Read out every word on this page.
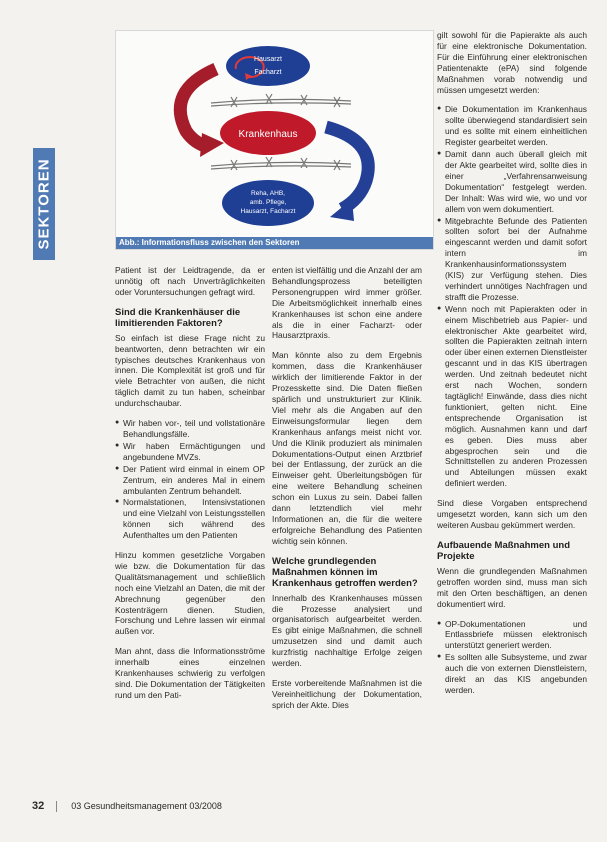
SEKTOREN
Hausarzt
Facharzt
Krankenhaus
Reha, AHB,
amb. Pflege,
Hausarzt, Facharzt
Abb.: Informationsfluss zwischen den Sektoren

Patient ist der Leidtragende, da er unnötig oft nach Unverträglichkeiten oder Voruntersuchungen gefragt wird.

Sind die Krankenhäuser die limitierenden Faktoren?

So einfach ist diese Frage nicht zu beantworten, denn betrachten wir ein typisches deutsches Krankenhaus von innen. Die Komplexität ist groß und für viele Betrachter von außen, die nicht täglich damit zu tun haben, scheinbar undurchschaubar.

● Wir haben vor-, teil und vollstationäre Behandlungsfälle.
● Wir haben Ermächtigungen und angebundene MVZs.
● Der Patient wird einmal in einem OP Zentrum, ein anderes Mal in einem ambulanten Zentrum behandelt.
● Normalstationen, Intensivstationen und eine Vielzahl von Leistungsstellen können sich während des Aufenthaltes um den Patienten

Hinzu kommen gesetzliche Vorgaben wie bzw. die Dokumentation für das Qualitätsmanagement und schließlich noch eine Vielzahl an Daten, die mit der Abrechnung gegenüber den Kostenträgern dienen. Studien, Forschung und Lehre lassen wir einmal außen vor.

Man ahnt, dass die Informationsströme innerhalb eines einzelnen Krankenhauses schwierig zu verfolgen sind. Die Dokumentation der Tätigkeiten rund um den Pati-

enten ist vielfältig und die Anzahl der am Behandlungsprozess beteiligten Personengruppen wird immer größer. Die Arbeitsmöglichkeit innerhalb eines Krankenhauses ist schon eine andere als die in einer Facharzt- oder Hausarztpraxis.

Man könnte also zu dem Ergebnis kommen, dass die Krankenhäuser wirklich der limitierende Faktor in der Prozesskette sind. Die Daten fließen spärlich und unstrukturiert zur Klinik. Viel mehr als die Angaben auf den Einweisungsformular liegen dem Krankenhaus anfangs meist nicht vor. Und die Klinik produziert als minimalen Dokumentations-Output einen Arztbrief bei der Entlassung, der zurück an die Einweiser geht. Überleitungsbögen für eine weitere Behandlung scheinen schon ein Luxus zu sein. Dabei fallen dann letztendlich viel mehr Informationen an, die für die weitere erfolgreiche Behandlung des Patienten wichtig sein können.

Welche grundlegenden Maßnahmen können im Krankenhaus getroffen werden?

Innerhalb des Krankenhauses müssen die Prozesse analysiert und organisatorisch aufgearbeitet werden. Es gibt einige Maßnahmen, die schnell umzusetzen sind und damit auch kurzfristig nachhaltige Erfolge zeigen werden.

Erste vorbereitende Maßnahmen ist die Vereinheitlichung der Dokumentation, sprich der Akte. Dies

gilt sowohl für die Papierakte als auch für eine elektronische Dokumentation. Für die Einführung einer elektronischen Patientenakte (ePA) sind folgende Maßnahmen vorab notwendig und müssen umgesetzt werden:

● Die Dokumentation im Krankenhaus sollte überwiegend standardisiert sein und es sollte mit einem einheitlichen Register gearbeitet werden.
● Damit dann auch überall gleich mit der Akte gearbeitet wird, sollte dies in einer „Verfahrensanweisung Dokumentation“ festgelegt werden. Der Inhalt: Was wird wie, wo und vor allem von wem dokumentiert.
● Mitgebrachte Befunde des Patienten sollten sofort bei der Aufnahme eingescannt werden und damit sofort intern im Krankenhausinformationssystem (KIS) zur Verfügung stehen. Dies verhindert unnötiges Nachfragen und strafft die Prozesse.
● Wenn noch mit Papierakten oder in einem Mischbetrieb aus Papier- und elektronischer Akte gearbeitet wird, sollten die Papierakten zeitnah intern oder über einen externen Dienstleister gescannt und in das KIS übertragen werden. Und zeitnah bedeutet nicht erst nach Wochen, sondern tagtäglich! Einwände, dass dies nicht funktioniert, gelten nicht. Eine entsprechende Organisation ist möglich. Ausnahmen kann und darf es geben. Dies muss aber abgesprochen sein und die Schnittstellen zu anderen Prozessen und Abteilungen müssen exakt definiert werden.

Sind diese Vorgaben entsprechend umgesetzt worden, kann sich um den weiteren Ausbau gekümmert werden.

Aufbauende Maßnahmen und Projekte

Wenn die grundlegenden Maßnahmen getroffen worden sind, muss man sich mit den Orten beschäftigen, an denen dokumentiert wird.

● OP-Dokumentationen und Entlassbriefe müssen elektronisch unterstützt generiert werden.
● Es sollten alle Subsysteme, und zwar auch die von externen Dienstleistern, direkt an das KIS angebunden werden.
32	03 Gesundheitsmanagement 03/2008
